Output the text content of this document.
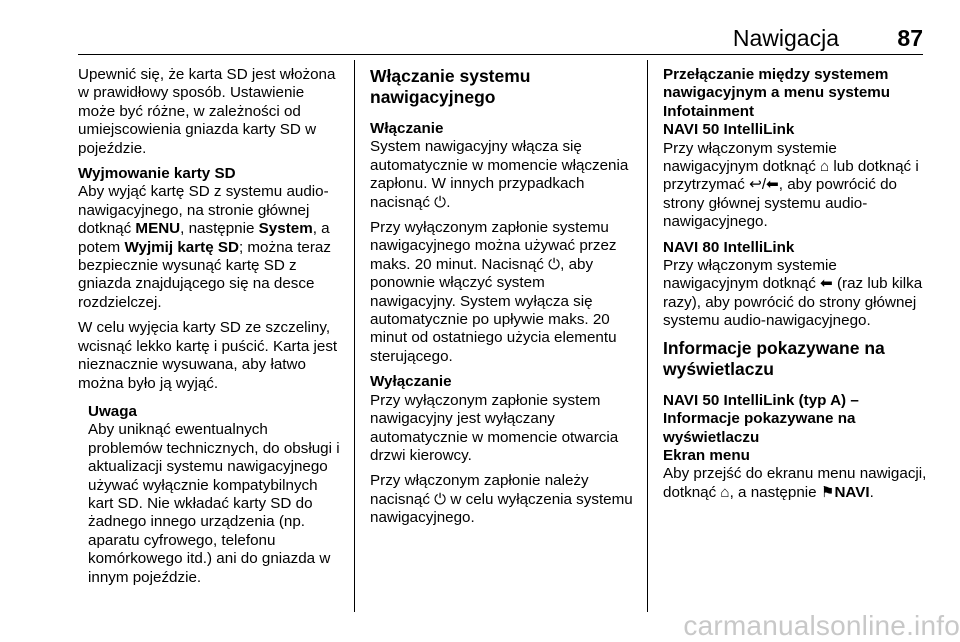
Nawigacja	87

Upewnić się, że karta SD jest włożona w prawidłowy sposób. Ustawienie może być różne, w zależności od umiejscowienia gniazda karty SD w pojeździe.

Wyjmowanie karty SD

Aby wyjąć kartę SD z systemu audio-nawigacyjnego, na stronie głównej dotknąć MENU, następnie System, a potem Wyjmij kartę SD; można teraz bezpiecznie wysunąć kartę SD z gniazda znajdującego się na desce rozdzielczej.

W celu wyjęcia karty SD ze szczeliny, wcisnąć lekko kartę i puścić. Karta jest nieznacznie wysuwana, aby łatwo można było ją wyjąć.

Uwaga

Aby uniknąć ewentualnych problemów technicznych, do obsługi i aktualizacji systemu nawigacyjnego używać wyłącznie kompatybilnych kart SD. Nie wkładać karty SD do żadnego innego urządzenia (np. aparatu cyfrowego, telefonu komórkowego itd.) ani do gniazda w innym pojeździe.

Włączanie systemu nawigacyjnego
Włączanie

System nawigacyjny włącza się automatycznie w momencie włączenia zapłonu. W innych przypadkach nacisnąć ⏻.

Przy wyłączonym zapłonie systemu nawigacyjnego można używać przez maks. 20 minut. Nacisnąć ⏻, aby ponownie włączyć system nawigacyjny. System wyłącza się automatycznie po upływie maks. 20 minut od ostatniego użycia elementu sterującego.

Wyłączanie

Przy wyłączonym zapłonie system nawigacyjny jest wyłączany automatycznie w momencie otwarcia drzwi kierowcy.

Przy włączonym zapłonie należy nacisnąć ⏻ w celu wyłączenia systemu nawigacyjnego.

Przełączanie między systemem nawigacyjnym a menu systemu Infotainment
NAVI 50 IntelliLink

Przy włączonym systemie nawigacyjnym dotknąć ⌂ lub dotknąć i przytrzymać ↩/⬅, aby powrócić do strony głównej systemu audio-nawigacyjnego.

NAVI 80 IntelliLink

Przy włączonym systemie nawigacyjnym dotknąć ⬅ (raz lub kilka razy), aby powrócić do strony głównej systemu audio-nawigacyjnego.

Informacje pokazywane na wyświetlaczu
NAVI 50 IntelliLink (typ A) – Informacje pokazywane na wyświetlaczu
Ekran menu

Aby przejść do ekranu menu nawigacji, dotknąć ⌂, a następnie ⚑NAVI.

carmanualsonline.info
